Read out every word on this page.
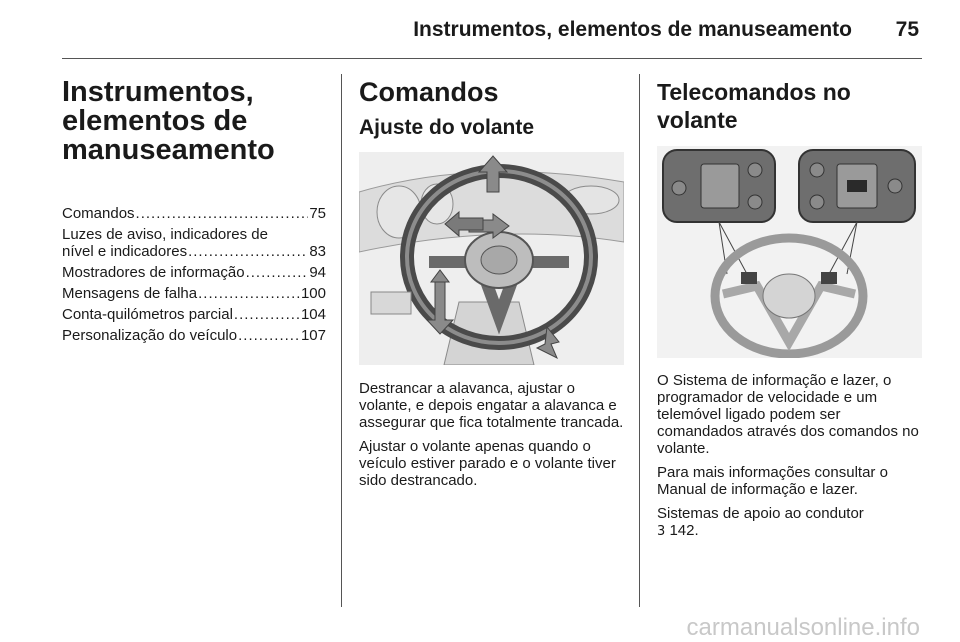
Instrumentos, elementos de manuseamento 75
Instrumentos,
elementos de
manuseamento
Comandos .....	75
Luzes de aviso, indicadores de
nível e indicadores .....	83
Mostradores de informação .....	94
Mensagens de falha .....	100
Conta-quilómetros parcial .....	104
Personalização do veículo .....	107
Comandos
Ajuste do volante

Destrancar a alavanca, ajustar o volante, e depois engatar a alavanca e assegurar que fica totalmente trancada.

Ajustar o volante apenas quando o veículo estiver parado e o volante tiver sido destrancado.

Telecomandos no volante

O Sistema de informação e lazer, o programador de velocidade e um telemóvel ligado podem ser comandados através dos comandos no volante.

Para mais informações consultar o Manual de informação e lazer.

Sistemas de apoio ao condutor
3 142.

carmanualsonline.info
